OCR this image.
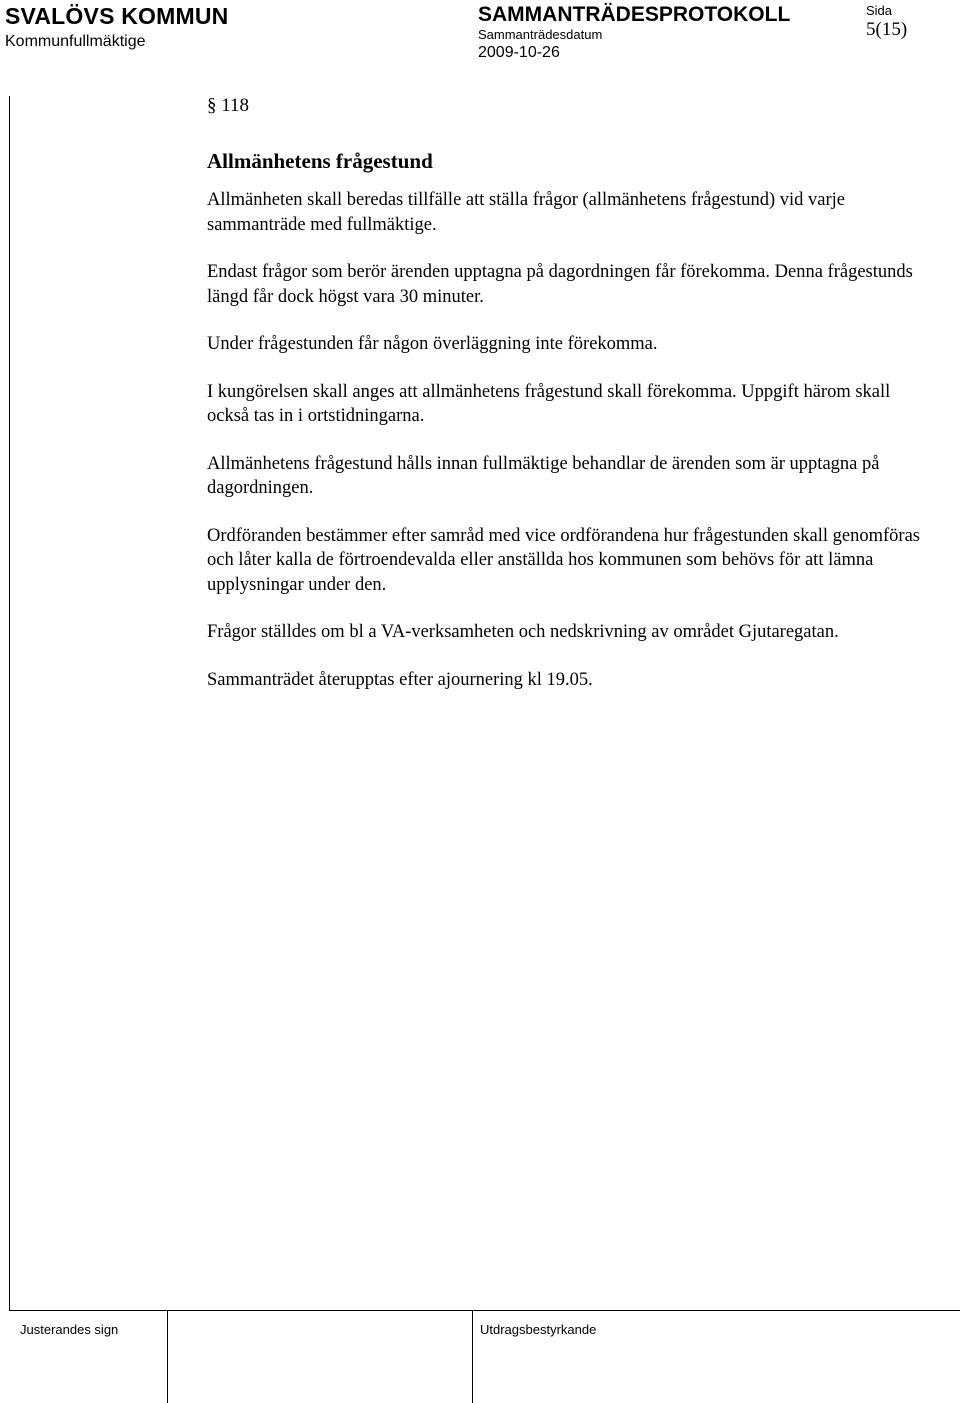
SVALÖVS KOMMUN
Kommunfullmäktige
SAMMANTRÄDESPROTOKOLL
Sammanträdesdatum
2009-10-26
Sida
5(15)

§ 118

Allmänhetens frågestund

Allmänheten skall beredas tillfälle att ställa frågor (allmänhetens frågestund) vid varje sammanträde med fullmäktige.

Endast frågor som berör ärenden upptagna på dagordningen får förekomma. Denna frågestunds längd får dock högst vara 30 minuter.

Under frågestunden får någon överläggning inte förekomma.

I kungörelsen skall anges att allmänhetens frågestund skall förekomma. Uppgift härom skall också tas in i ortstidningarna.

Allmänhetens frågestund hålls innan fullmäktige behandlar de ärenden som är upptagna på dagordningen.

Ordföranden bestämmer efter samråd med vice ordförandena hur frågestunden skall genomföras och låter kalla de förtroendevalda eller anställda hos kommunen som behövs för att lämna upplysningar under den.

Frågor ställdes om bl a VA-verksamheten och nedskrivning av området Gjutaregatan.

Sammanträdet återupptas efter ajournering kl 19.05.

Justerandes sign	Utdragsbestyrkande
